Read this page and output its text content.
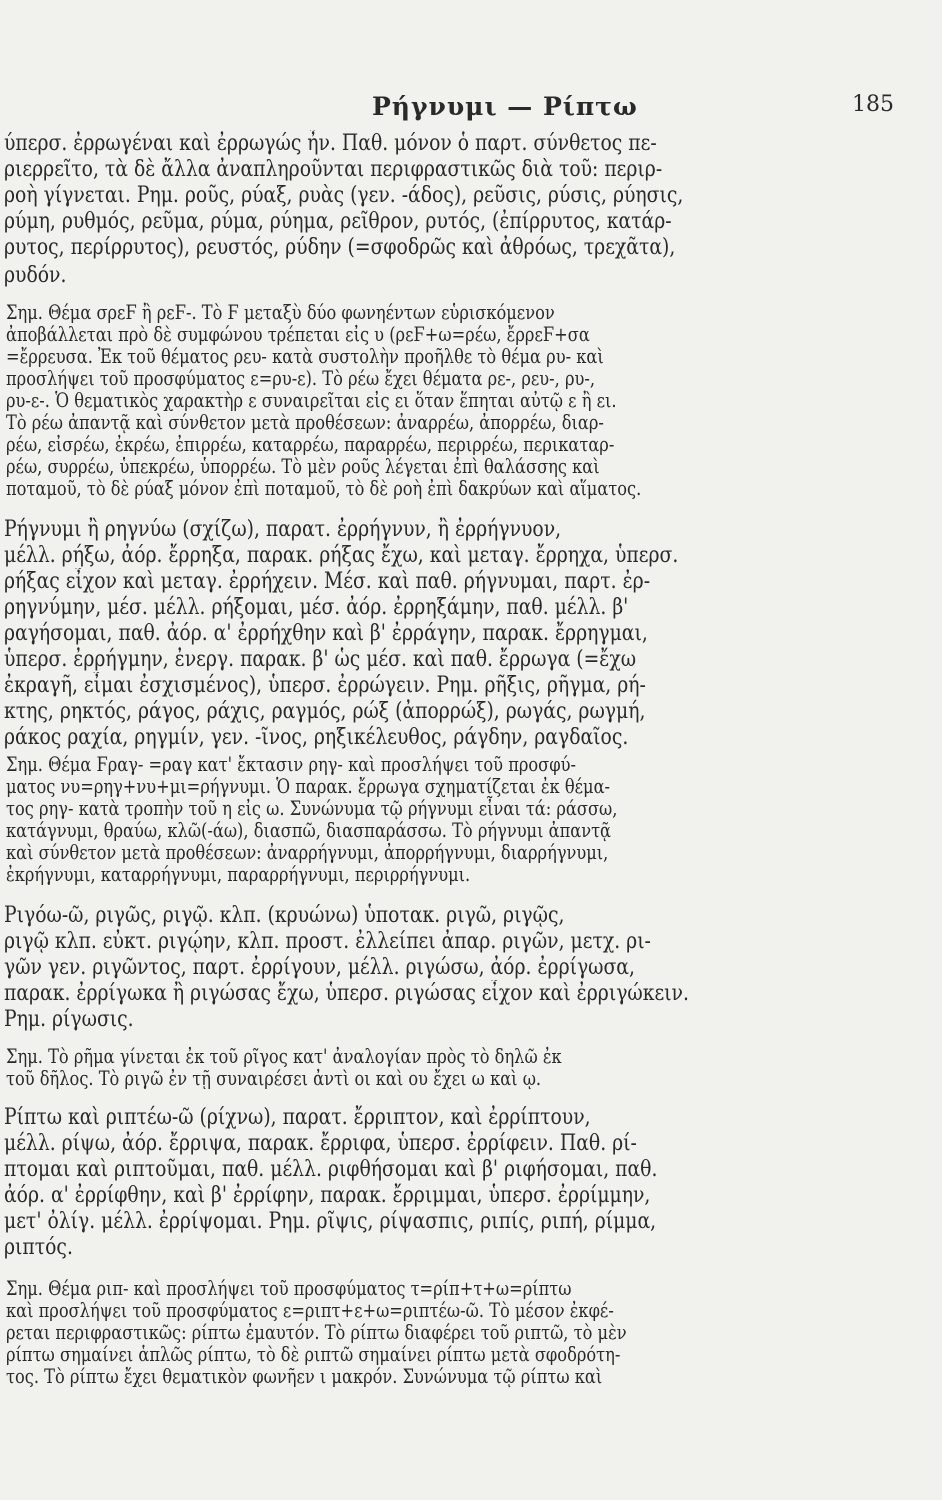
Ρήγνυμι — Ρίπτω	185
ύπερσ. ἐρρωγέναι καὶ ἐρρωγώς ἦν. Παθ. μόνον ὁ παρτ. σύνθετος πε-
ριερρεῖτο, τὰ δὲ ἄλλα ἀναπληροῦνται περιφραστικῶς διὰ τοῦ: περιρ-
ροὴ γίγνεται. Ρημ. ροῦς, ρύαξ, ρυὰς (γεν. -άδος), ρεῦσις, ρύσις, ρύησις,
ρύμη, ρυθμός, ρεῦμα, ρύμα, ρύημα, ρεῖθρον, ρυτός, (ἐπίρρυτος, κατάρ-
ρυτος, περίρρυτος), ρευστός, ρύδην (=σφοδρῶς καὶ ἀθρόως, τρεχᾶτα),
ρυδόν.
Σημ. Θέμα σρεϜ ἢ ρεϜ-. Τὸ Ϝ μεταξὺ δύο φωνηέντων εὑρισκόμενον
ἀποβάλλεται πρὸ δὲ συμφώνου τρέπεται εἰς υ (ρεϜ+ω=ρέω, ἔρρεϜ+σα
=ἔρρευσα. Ἐκ τοῦ θέματος ρευ- κατὰ συστολὴν προῆλθε τὸ θέμα ρυ- καὶ
προσλήψει τοῦ προσφύματος ε=ρυ-ε). Τὸ ρέω ἔχει θέματα ρε-, ρευ-, ρυ-,
ρυ-ε-. Ὁ θεματικὸς χαρακτὴρ ε συναιρεῖται εἰς ει ὅταν ἕπηται αὐτῷ ε ἢ ει.
Τὸ ρέω ἀπαντᾷ καὶ σύνθετον μετὰ προθέσεων: ἀναρρέω, ἀπορρέω, διαρ-
ρέω, εἰσρέω, ἐκρέω, ἐπιρρέω, καταρρέω, παραρρέω, περιρρέω, περικαταρ-
ρέω, συρρέω, ὑπεκρέω, ὑπορρέω. Τὸ μὲν ροῦς λέγεται ἐπὶ θαλάσσης καὶ
ποταμοῦ, τὸ δὲ ρύαξ μόνον ἐπὶ ποταμοῦ, τὸ δὲ ροὴ ἐπὶ δακρύων καὶ αἵματος.
Ρήγνυμι ἢ ρηγνύω (σχίζω), παρατ. ἐρρήγνυν, ἢ ἐρρήγνυον,
μέλλ. ρήξω, ἀόρ. ἔρρηξα, παρακ. ρήξας ἔχω, καὶ μεταγ. ἔρρηχα, ὑπερσ.
ρήξας εἶχον καὶ μεταγ. ἐρρήχειν. Μέσ. καὶ παθ. ρήγνυμαι, παρτ. ἐρ-
ρηγνύμην, μέσ. μέλλ. ρήξομαι, μέσ. ἀόρ. ἐρρηξάμην, παθ. μέλλ. β'
ραγήσομαι, παθ. ἀόρ. α' ἐρρήχθην καὶ β' ἐρράγην, παρακ. ἔρρηγμαι,
ὑπερσ. ἐρρήγμην, ἐνεργ. παρακ. β' ὡς μέσ. καὶ παθ. ἔρρωγα (=ἔχω
ἐκραγῆ, εἶμαι ἐσχισμένος), ὑπερσ. ἐρρώγειν. Ρημ. ρῆξις, ρῆγμα, ρή-
κτης, ρηκτός, ράγος, ράχις, ραγμός, ρώξ (ἀπορρώξ), ρωγάς, ρωγμή,
ράκος ραχία, ρηγμίν, γεν. -ῖνος, ρηξικέλευθος, ράγδην, ραγδαῖος.
Σημ. Θέμα Ϝραγ- =ραγ κατ' ἔκτασιν ρηγ- καὶ προσλήψει τοῦ προσφύ-
ματος νυ=ρηγ+νυ+μι=ρήγνυμι. Ὁ παρακ. ἔρρωγα σχηματίζεται ἐκ θέμα-
τος ρηγ- κατὰ τροπὴν τοῦ η εἰς ω. Συνώνυμα τῷ ρήγνυμι εἶναι τά: ράσσω,
κατάγνυμι, θραύω, κλῶ(-άω), διασπῶ, διασπαράσσω. Τὸ ρήγνυμι ἀπαντᾷ
καὶ σύνθετον μετὰ προθέσεων: ἀναρρήγνυμι, ἀπορρήγνυμι, διαρρήγνυμι,
ἐκρήγνυμι, καταρρήγνυμι, παραρρήγνυμι, περιρρήγνυμι.
Ριγόω-ῶ, ριγῶς, ριγῷ. κλπ. (κρυώνω) ὑποτακ. ριγῶ, ριγῷς,
ριγῷ κλπ. εὐκτ. ριγῴην, κλπ. προστ. ἐλλείπει ἀπαρ. ριγῶν, μετχ. ρι-
γῶν γεν. ριγῶντος, παρτ. ἐρρίγουν, μέλλ. ριγώσω, ἀόρ. ἐρρίγωσα,
παρακ. ἐρρίγωκα ἢ ριγώσας ἔχω, ὑπερσ. ριγώσας εἶχον καὶ ἐρριγώκειν.
Ρημ. ρίγωσις.
Σημ. Τὸ ρῆμα γίνεται ἐκ τοῦ ρῖγος κατ' ἀναλογίαν πρὸς τὸ δηλῶ ἐκ
τοῦ δῆλος. Τὸ ριγῶ ἐν τῇ συναιρέσει ἀντὶ οι καὶ ου ἔχει ω καὶ ῳ.
Ρίπτω καὶ ριπτέω-ῶ (ρίχνω), παρατ. ἔρριπτον, καὶ ἐρρίπτουν,
μέλλ. ρίψω, ἀόρ. ἔρριψα, παρακ. ἔρριφα, ὑπερσ. ἐρρίφειν. Παθ. ρί-
πτομαι καὶ ριπτοῦμαι, παθ. μέλλ. ριφθήσομαι καὶ β' ριφήσομαι, παθ.
ἀόρ. α' ἐρρίφθην, καὶ β' ἐρρίφην, παρακ. ἔρριμμαι, ὑπερσ. ἐρρίμμην,
μετ' ὀλίγ. μέλλ. ἐρρίψομαι. Ρημ. ρῖψις, ρίψασπις, ριπίς, ριπή, ρίμμα,
ριπτός.
Σημ. Θέμα ριπ- καὶ προσλήψει τοῦ προσφύματος τ=ρίπ+τ+ω=ρίπτω
καὶ προσλήψει τοῦ προσφύματος ε=ριπτ+ε+ω=ριπτέω-ῶ. Τὸ μέσον ἐκφέ-
ρεται περιφραστικῶς: ρίπτω ἐμαυτόν. Τὸ ρίπτω διαφέρει τοῦ ριπτῶ, τὸ μὲν
ρίπτω σημαίνει ἁπλῶς ρίπτω, τὸ δὲ ριπτῶ σημαίνει ρίπτω μετὰ σφοδρότη-
τος. Τὸ ρίπτω ἔχει θεματικὸν φωνῆεν ι μακρόν. Συνώνυμα τῷ ρίπτω καὶ
